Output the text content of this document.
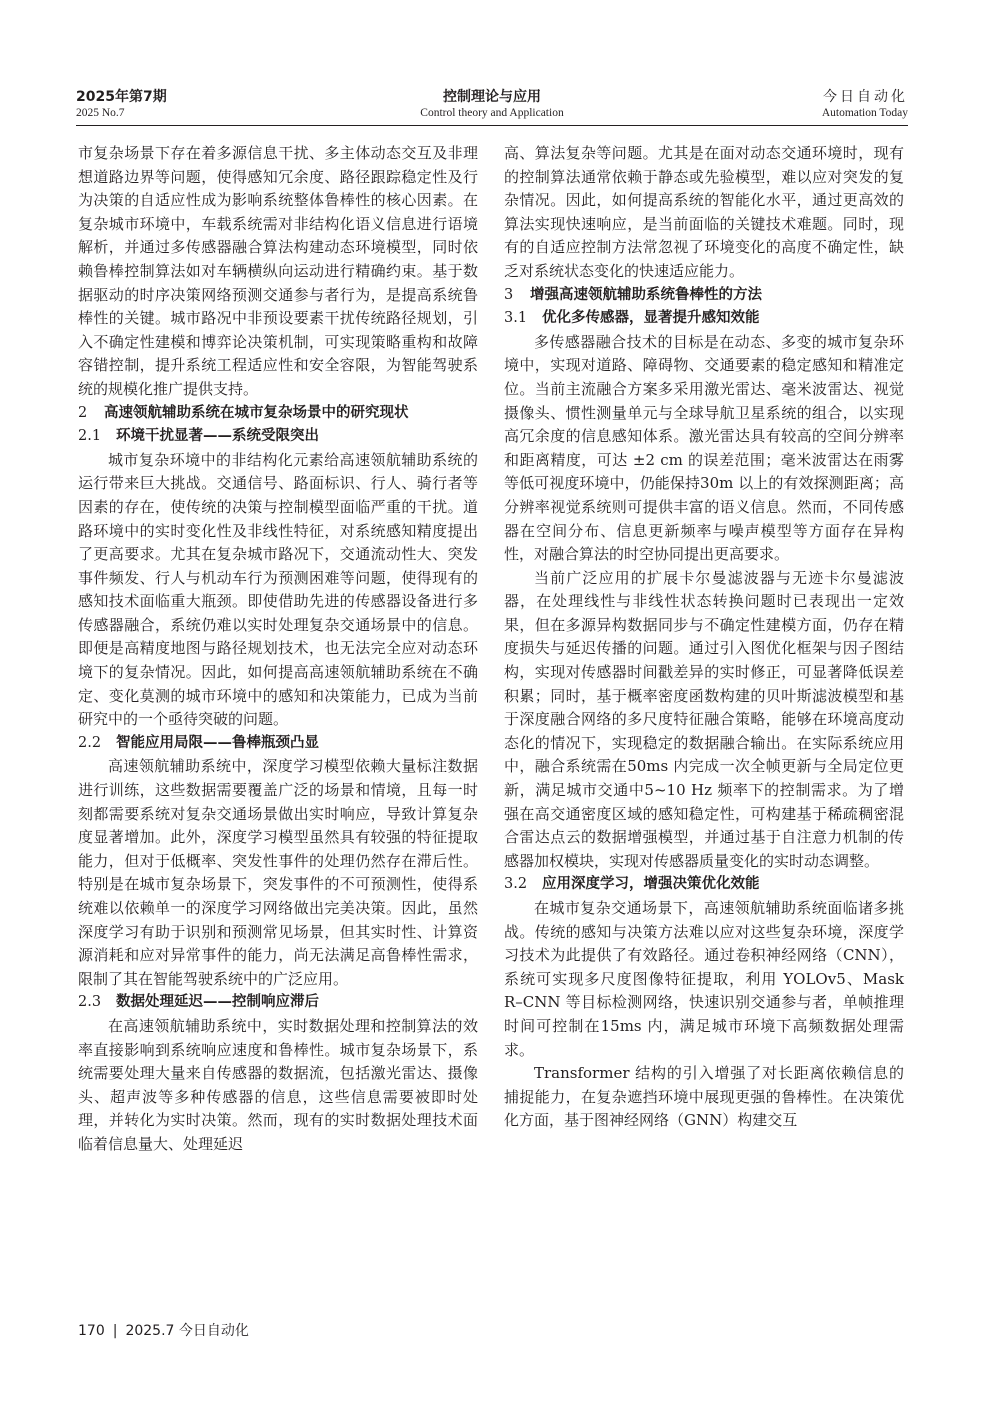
2025年第7期
2025 No.7
控制理论与应用
Control theory and Application
今日自动化
Automation Today

市复杂场景下存在着多源信息干扰、多主体动态交互及非理想道路边界等问题，使得感知冗余度、路径跟踪稳定性及行为决策的自适应性成为影响系统整体鲁棒性的核心因素。在复杂城市环境中，车载系统需对非结构化语义信息进行语境解析，并通过多传感器融合算法构建动态环境模型，同时依赖鲁棒控制算法如对车辆横纵向运动进行精确约束。基于数据驱动的时序决策网络预测交通参与者行为，是提高系统鲁棒性的关键。城市路况中非预设要素干扰传统路径规划，引入不确定性建模和博弈论决策机制，可实现策略重构和故障容错控制，提升系统工程适应性和安全容限，为智能驾驶系统的规模化推广提供支持。

2 高速领航辅助系统在城市复杂场景中的研究现状
2.1 环境干扰显著——系统受限突出

城市复杂环境中的非结构化元素给高速领航辅助系统的运行带来巨大挑战。交通信号、路面标识、行人、骑行者等因素的存在，使传统的决策与控制模型面临严重的干扰。道路环境中的实时变化性及非线性特征，对系统感知精度提出了更高要求。尤其在复杂城市路况下，交通流动性大、突发事件频发、行人与机动车行为预测困难等问题，使得现有的感知技术面临重大瓶颈。即使借助先进的传感器设备进行多传感器融合，系统仍难以实时处理复杂交通场景中的信息。即便是高精度地图与路径规划技术，也无法完全应对动态环境下的复杂情况。因此，如何提高高速领航辅助系统在不确定、变化莫测的城市环境中的感知和决策能力，已成为当前研究中的一个亟待突破的问题。

2.2 智能应用局限——鲁棒瓶颈凸显

高速领航辅助系统中，深度学习模型依赖大量标注数据进行训练，这些数据需要覆盖广泛的场景和情境，且每一时刻都需要系统对复杂交通场景做出实时响应，导致计算复杂度显著增加。此外，深度学习模型虽然具有较强的特征提取能力，但对于低概率、突发性事件的处理仍然存在滞后性。特别是在城市复杂场景下，突发事件的不可预测性，使得系统难以依赖单一的深度学习网络做出完美决策。因此，虽然深度学习有助于识别和预测常见场景，但其实时性、计算资源消耗和应对异常事件的能力，尚无法满足高鲁棒性需求，限制了其在智能驾驶系统中的广泛应用。

2.3 数据处理延迟——控制响应滞后

在高速领航辅助系统中，实时数据处理和控制算法的效率直接影响到系统响应速度和鲁棒性。城市复杂场景下，系统需要处理大量来自传感器的数据流，包括激光雷达、摄像头、超声波等多种传感器的信息，这些信息需要被即时处理，并转化为实时决策。然而，现有的实时数据处理技术面临着信息量大、处理延迟

高、算法复杂等问题。尤其是在面对动态交通环境时，现有的控制算法通常依赖于静态或先验模型，难以应对突发的复杂情况。因此，如何提高系统的智能化水平，通过更高效的算法实现快速响应，是当前面临的关键技术难题。同时，现有的自适应控制方法常忽视了环境变化的高度不确定性，缺乏对系统状态变化的快速适应能力。

3 增强高速领航辅助系统鲁棒性的方法
3.1 优化多传感器，显著提升感知效能

多传感器融合技术的目标是在动态、多变的城市复杂环境中，实现对道路、障碍物、交通要素的稳定感知和精准定位。当前主流融合方案多采用激光雷达、毫米波雷达、视觉摄像头、惯性测量单元与全球导航卫星系统的组合，以实现高冗余度的信息感知体系。激光雷达具有较高的空间分辨率和距离精度，可达 ±2 cm 的误差范围；毫米波雷达在雨雾等低可视度环境中，仍能保持30m 以上的有效探测距离；高分辨率视觉系统则可提供丰富的语义信息。然而，不同传感器在空间分布、信息更新频率与噪声模型等方面存在异构性，对融合算法的时空协同提出更高要求。

当前广泛应用的扩展卡尔曼滤波器与无迹卡尔曼滤波器，在处理线性与非线性状态转换问题时已表现出一定效果，但在多源异构数据同步与不确定性建模方面，仍存在精度损失与延迟传播的问题。通过引入图优化框架与因子图结构，实现对传感器时间戳差异的实时修正，可显著降低误差积累；同时，基于概率密度函数构建的贝叶斯滤波模型和基于深度融合网络的多尺度特征融合策略，能够在环境高度动态化的情况下，实现稳定的数据融合输出。在实际系统应用中，融合系统需在50ms 内完成一次全帧更新与全局定位更新，满足城市交通中5~10 Hz 频率下的控制需求。为了增强在高交通密度区域的感知稳定性，可构建基于稀疏稠密混合雷达点云的数据增强模型，并通过基于自注意力机制的传感器加权模块，实现对传感器质量变化的实时动态调整。

3.2 应用深度学习，增强决策优化效能

在城市复杂交通场景下，高速领航辅助系统面临诸多挑战。传统的感知与决策方法难以应对这些复杂环境，深度学习技术为此提供了有效路径。通过卷积神经网络（CNN），系统可实现多尺度图像特征提取，利用 YOLOv5、Mask R–CNN 等目标检测网络，快速识别交通参与者，单帧推理时间可控制在15ms 内，满足城市环境下高频数据处理需求。

Transformer 结构的引入增强了对长距离依赖信息的捕捉能力，在复杂遮挡环境中展现更强的鲁棒性。在决策优化方面，基于图神经网络（GNN）构建交互

170 | 2025.7 今日自动化
